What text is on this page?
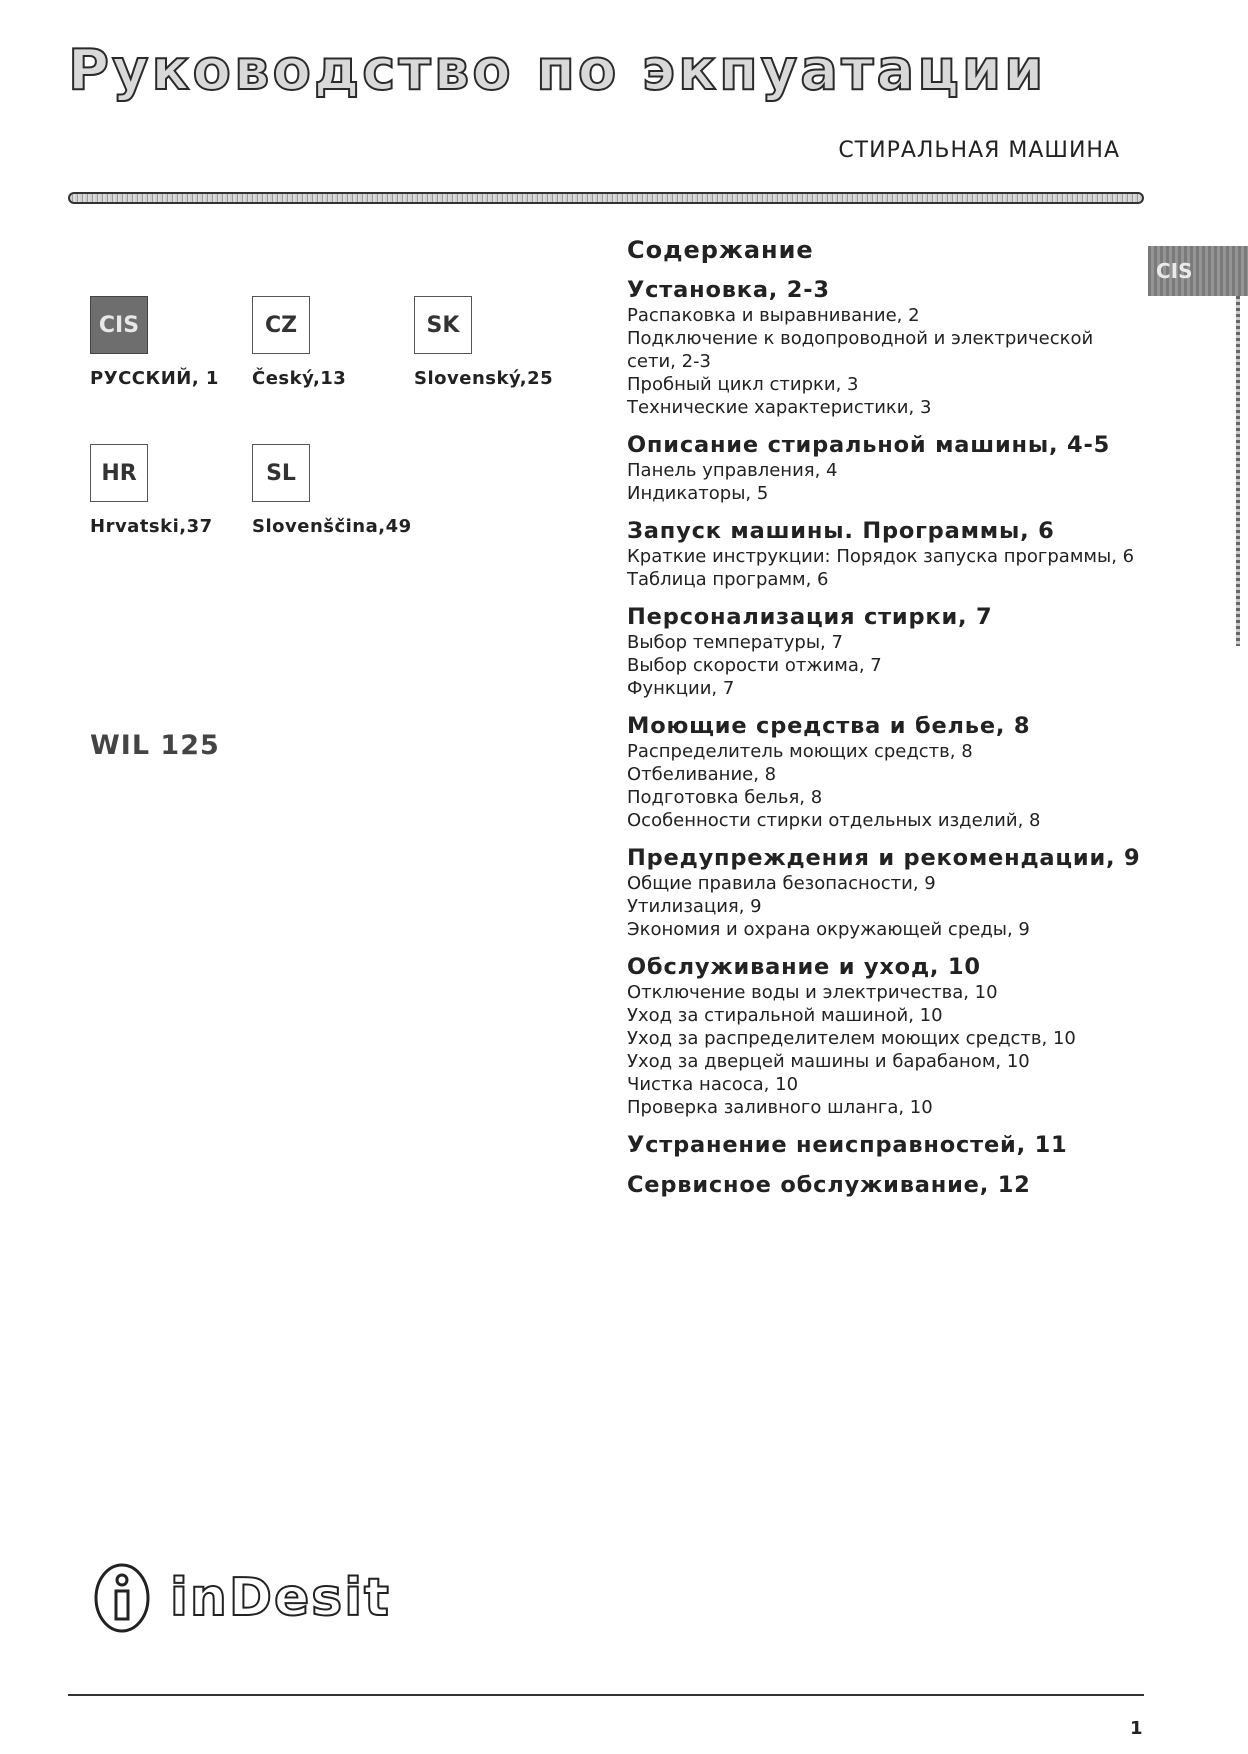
Руководство по экпуатации
СТИРАЛЬНАЯ МАШИНА
CIS
РУССКИЙ, 1
CZ
Český,13
SK
Slovenský,25
HR
Hrvatski,37
SL
Slovenščina,49
WIL 125
Содержание
Установка, 2-3
Распаковка и выравнивание, 2
Подключение к водопроводной и электрической сети, 2-3
Пробный цикл стирки, 3
Технические характеристики, 3
Описание стиральной машины, 4-5
Панель управления, 4
Индикаторы, 5
Запуск машины. Программы, 6
Краткие инструкции: Порядок запуска программы, 6
Таблица программ, 6
Персонализация стирки, 7
Выбор температуры, 7
Выбор скорости отжима, 7
Функции, 7
Моющие средства и белье, 8
Распределитель моющих средств, 8
Отбеливание, 8
Подготовка белья, 8
Особенности стирки отдельных изделий, 8
Предупреждения и рекомендации, 9
Общие правила безопасности, 9
Утилизация, 9
Экономия и охрана окружающей среды, 9
Обслуживание и уход, 10
Отключение воды и электричества, 10
Уход за стиральной машиной, 10
Уход за распределителем моющих средств, 10
Уход за дверцей машины и барабаном, 10
Чистка насоса, 10
Проверка заливного шланга, 10
Устранение неисправностей, 11
Сервисное обслуживание, 12
CIS
inDesit
1
